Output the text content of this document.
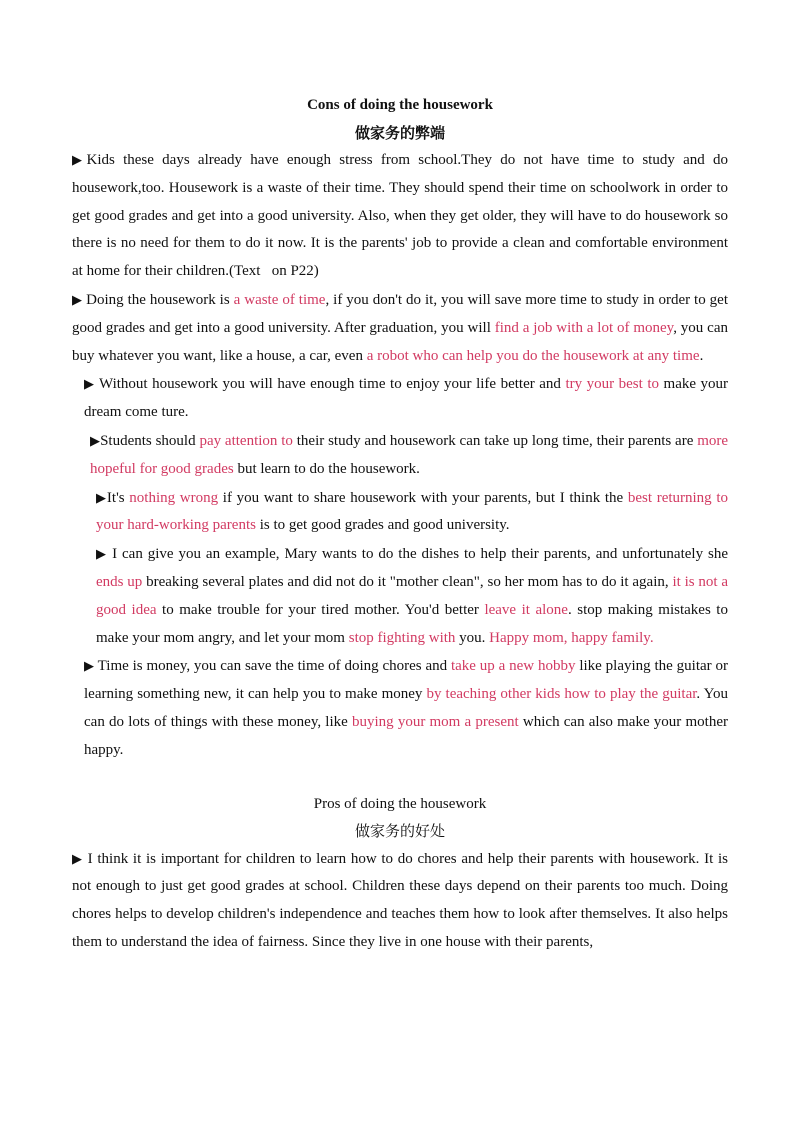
Cons of doing the housework

做家务的弊端

▶Kids these days already have enough stress from school.They do not have time to study and do housework,too. Housework is a waste of their time. They should spend their time on schoolwork in order to get good grades and get into a good university. Also, when they get older, they will have to do housework so there is no need for them to do it now. It is the parents' job to provide a clean and comfortable environment at home for their children.(Text   on P22)

▶ Doing the housework is a waste of time, if you don't do it, you will save more time to study in order to get good grades and get into a good university. After graduation, you will find a job with a lot of money, you can buy whatever you want, like a house, a car, even a robot who can help you do the housework at any time.

▶ Without housework you will have enough time to enjoy your life better and try your best to make your dream come ture.

▶Students should pay attention to their study and housework can take up long time, their parents are more hopeful for good grades but learn to do the housework.

▶It's nothing wrong if you want to share housework with your parents, but I think the best returning to your hard-working parents is to get good grades and good university.

▶ I can give you an example, Mary wants to do the dishes to help their parents, and unfortunately she ends up breaking several plates and did not do it "mother clean", so her mom has to do it again, it is not a good idea to make trouble for your tired mother. You'd better leave it alone. stop making mistakes to make your mom angry, and let your mom stop fighting with you. Happy mom, happy family.

▶ Time is money, you can save the time of doing chores and take up a new hobby like playing the guitar or learning something new, it can help you to make money by teaching other kids how to play the guitar. You can do lots of things with these money, like buying your mom a present which can also make your mother happy.

Pros of doing the housework

做家务的好处

▶ I think it is important for children to learn how to do chores and help their parents with housework. It is not enough to just get good grades at school. Children these days depend on their parents too much. Doing chores helps to develop children's independence and teaches them how to look after themselves. It also helps them to understand the idea of fairness. Since they live in one house with their parents,
